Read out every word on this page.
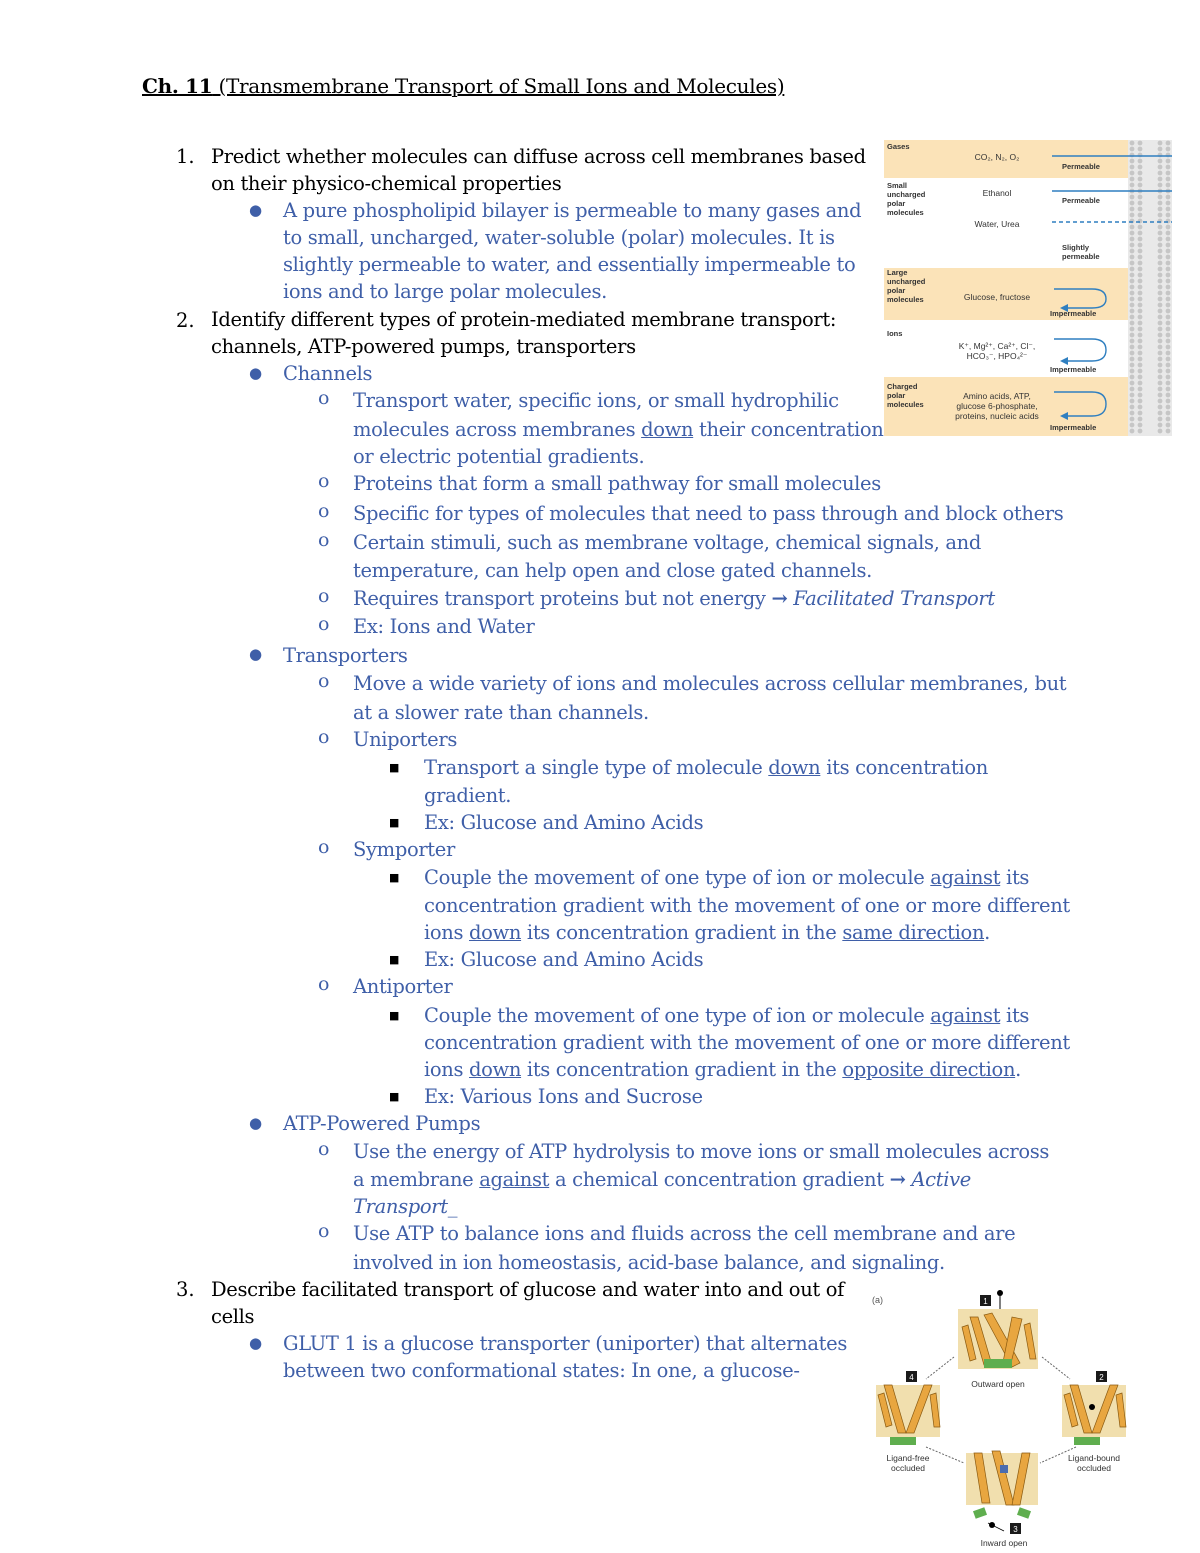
Ch. 11 (Transmembrane Transport of Small Ions and Molecules)
1. Predict whether molecules can diffuse across cell membranes based
on their physico-chemical properties
● A pure phospholipid bilayer is permeable to many gases and
to small, uncharged, water-soluble (polar) molecules. It is
slightly permeable to water, and essentially impermeable to
ions and to large polar molecules.
2. Identify different types of protein-mediated membrane transport:
channels, ATP-powered pumps, transporters
● Channels
o Transport water, specific ions, or small hydrophilic
molecules across membranes down their concentration
or electric potential gradients.
o Proteins that form a small pathway for small molecules
o Specific for types of molecules that need to pass through and block others
o Certain stimuli, such as membrane voltage, chemical signals, and
temperature, can help open and close gated channels.
o Requires transport proteins but not energy → Facilitated Transport
o Ex: Ions and Water
● Transporters
o Move a wide variety of ions and molecules across cellular membranes, but
at a slower rate than channels.
o Uniporters
■ Transport a single type of molecule down its concentration
gradient.
■ Ex: Glucose and Amino Acids
o Symporter
■ Couple the movement of one type of ion or molecule against its
concentration gradient with the movement of one or more different
ions down its concentration gradient in the same direction.
■ Ex: Glucose and Amino Acids
o Antiporter
■ Couple the movement of one type of ion or molecule against its
concentration gradient with the movement of one or more different
ions down its concentration gradient in the opposite direction.
■ Ex: Various Ions and Sucrose
● ATP-Powered Pumps
o Use the energy of ATP hydrolysis to move ions or small molecules across
a membrane against a chemical concentration gradient → Active
Transport_
o Use ATP to balance ions and fluids across the cell membrane and are
involved in ion homeostasis, acid-base balance, and signaling.
3. Describe facilitated transport of glucose and water into and out of
cells
● GLUT 1 is a glucose transporter (uniporter) that alternates
between two conformational states: In one, a glucose-
Gases
Small
uncharged
polar
molecules
Large
uncharged
polar
molecules
Ions
Charged
polar
molecules
CO₂, N₂, O₂
Ethanol
Water, Urea
Glucose, fructose
K⁺, Mg²⁺, Ca²⁺, Cl⁻,
HCO₃⁻, HPO₄²⁻
Amino acids, ATP,
glucose 6-phosphate,
proteins, nucleic acids
Permeable
Permeable
Slightly
permeable
Impermeable
Impermeable
Impermeable
(a)
Outward open
1
Ligand-bound
occluded
2
Ligand-free
occluded
4
Inward open
3
